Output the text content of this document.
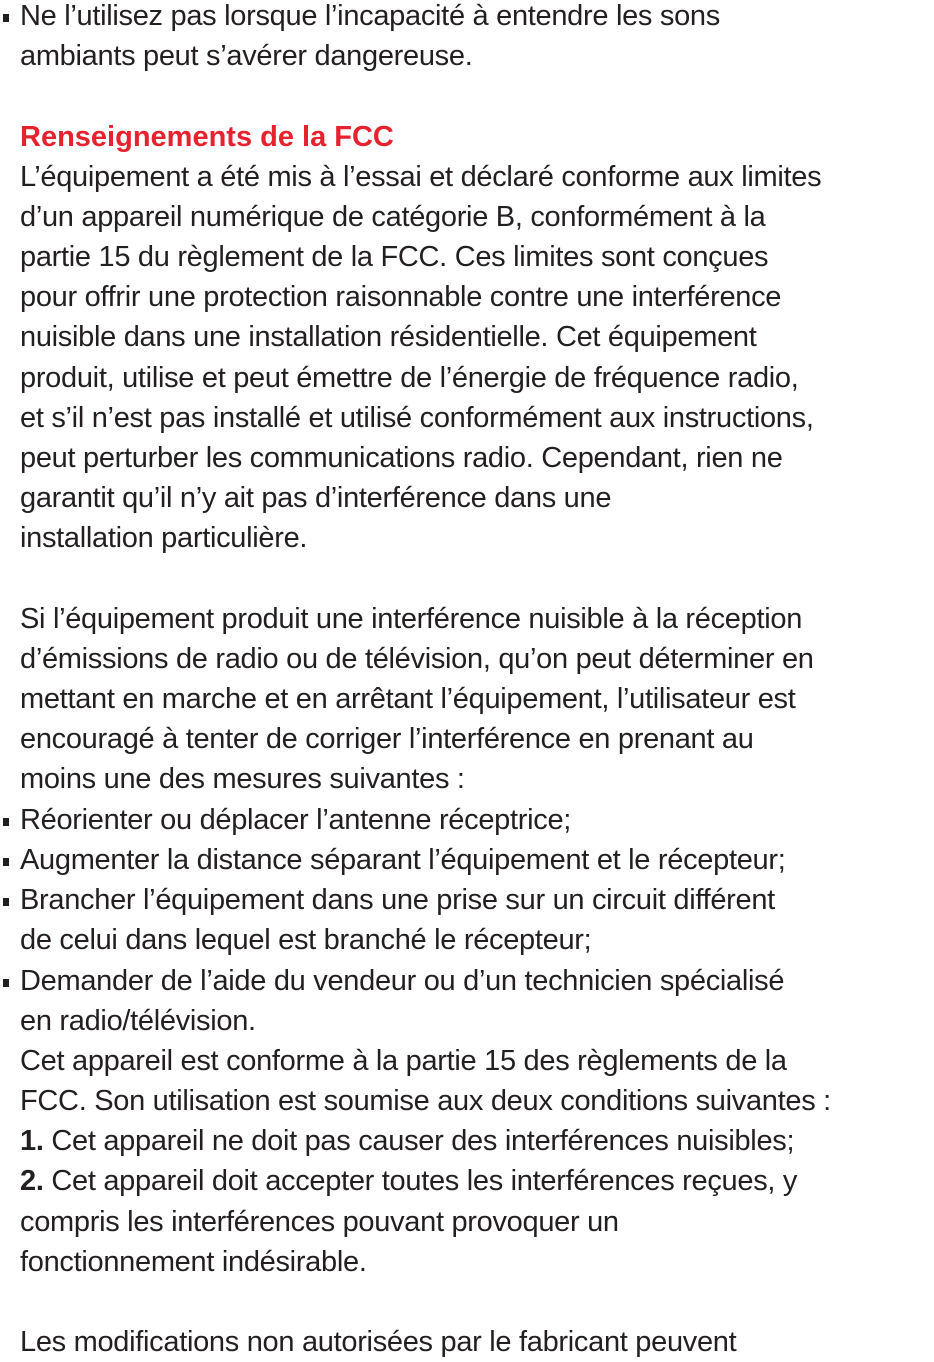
Ne l’utilisez pas lorsque l’incapacité à entendre les sons
ambiants peut s’avérer dangereuse.
Renseignements de la FCC
L’équipement a été mis à l’essai et déclaré conforme aux limites
d’un appareil numérique de catégorie B, conformément à la
partie 15 du règlement de la FCC. Ces limites sont conçues
pour offrir une protection raisonnable contre une interférence
nuisible dans une installation résidentielle. Cet équipement
produit, utilise et peut émettre de l’énergie de fréquence radio,
et s’il n’est pas installé et utilisé conformément aux instructions,
peut perturber les communications radio. Cependant, rien ne
garantit qu’il n’y ait pas d’interférence dans une
installation particulière.
Si l’équipement produit une interférence nuisible à la réception
d’émissions de radio ou de télévision, qu’on peut déterminer en
mettant en marche et en arrêtant l’équipement, l’utilisateur est
encouragé à tenter de corriger l’interférence en prenant au
moins une des mesures suivantes :
Réorienter ou déplacer l’antenne réceptrice;
Augmenter la distance séparant l’équipement et le récepteur;
Brancher l’équipement dans une prise sur un circuit différent
de celui dans lequel est branché le récepteur;
Demander de l’aide du vendeur ou d’un technicien spécialisé
en radio/télévision.
Cet appareil est conforme à la partie 15 des règlements de la
FCC. Son utilisation est soumise aux deux conditions suivantes :
1. Cet appareil ne doit pas causer des interférences nuisibles;
2. Cet appareil doit accepter toutes les interférences reçues, y
compris les interférences pouvant provoquer un
fonctionnement indésirable.
Les modifications non autorisées par le fabricant peuvent
